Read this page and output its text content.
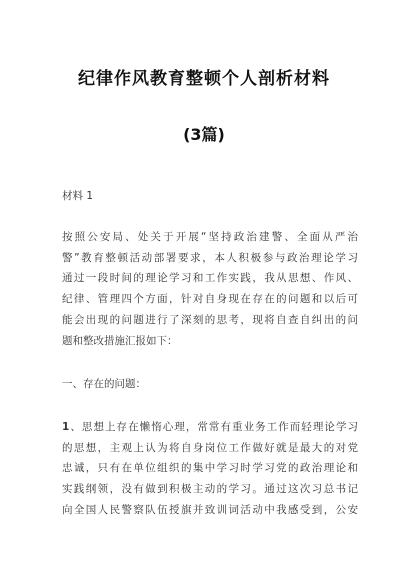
纪律作风教育整顿个人剖析材料
(3篇)
材料 1
按照公安局、处关于开展“坚持政治建警、全面从严治
警”教育整顿活动部署要求，本人积极参与政治理论学习
通过一段时间的理论学习和工作实践，我从思想、作风、
纪律、管理四个方面，针对自身现在存在的问题和以后可
能会出现的问题进行了深刻的思考，现将自查自纠出的问
题和整改措施汇报如下：
一、存在的问题：
1、思想上存在懒惰心理，常常有重业务工作而轻理论学习
的思想，主观上认为将自身岗位工作做好就是最大的对党
忠诚，只有在单位组织的集中学习时学习党的政治理论和
实践纲领，没有做到积极主动的学习。通过这次习总书记
向全国人民警察队伍授旗并致训词活动中我感受到，公安
